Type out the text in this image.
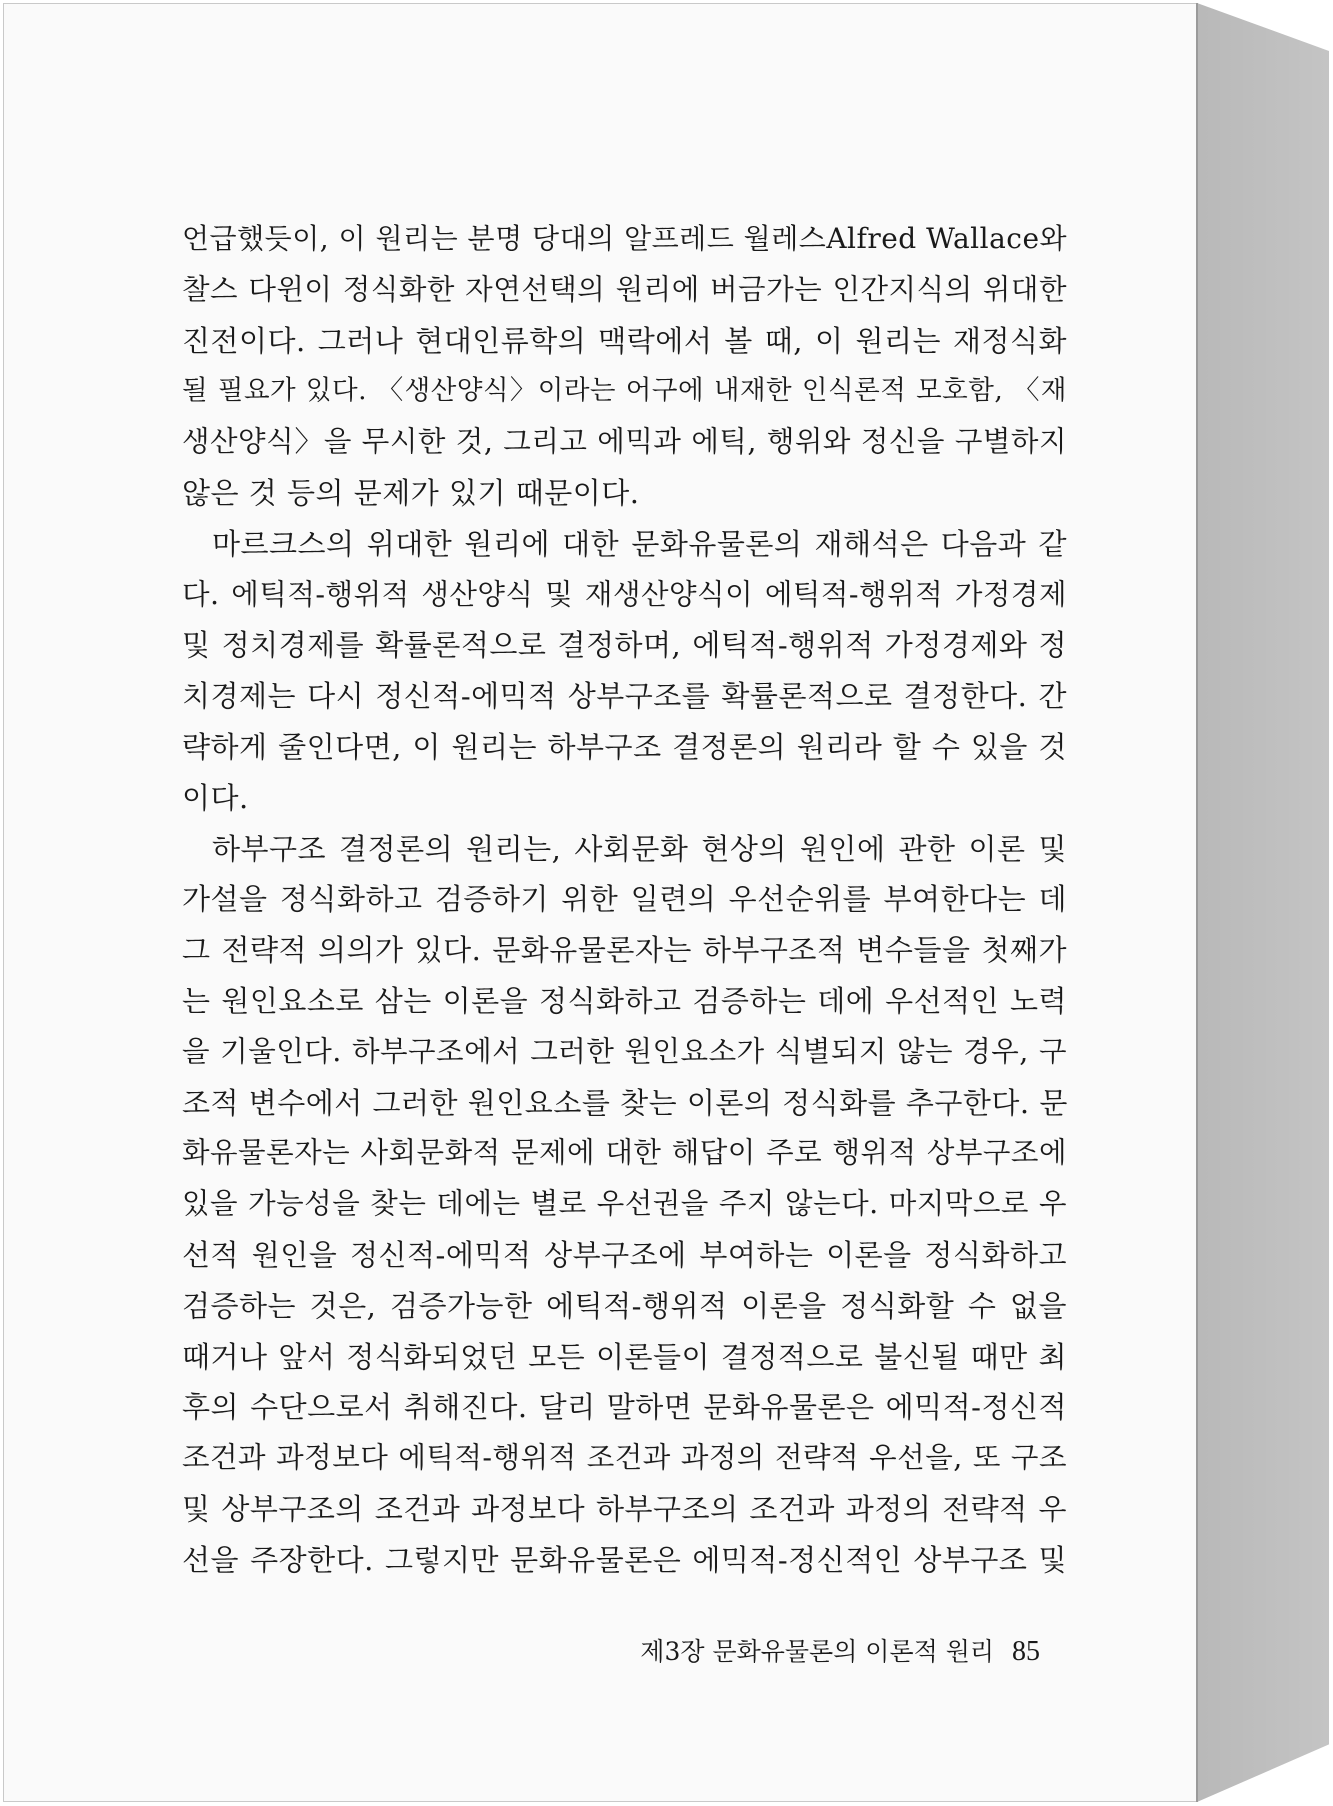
언급했듯이, 이 원리는 분명 당대의 알프레드 월레스Alfred Wallace와
찰스 다윈이 정식화한 자연선택의 원리에 버금가는 인간지식의 위대한
진전이다. 그러나 현대인류학의 맥락에서 볼 때, 이 원리는 재정식화
될 필요가 있다. 〈생산양식〉이라는 어구에 내재한 인식론적 모호함, 〈재
생산양식〉을 무시한 것, 그리고 에믹과 에틱, 행위와 정신을 구별하지
않은 것 등의 문제가 있기 때문이다.
마르크스의 위대한 원리에 대한 문화유물론의 재해석은 다음과 같
다. 에틱적-행위적 생산양식 및 재생산양식이 에틱적-행위적 가정경제
및 정치경제를 확률론적으로 결정하며, 에틱적-행위적 가정경제와 정
치경제는 다시 정신적-에믹적 상부구조를 확률론적으로 결정한다. 간
략하게 줄인다면, 이 원리는 하부구조 결정론의 원리라 할 수 있을 것
이다.
하부구조 결정론의 원리는, 사회문화 현상의 원인에 관한 이론 및
가설을 정식화하고 검증하기 위한 일련의 우선순위를 부여한다는 데
그 전략적 의의가 있다. 문화유물론자는 하부구조적 변수들을 첫째가
는 원인요소로 삼는 이론을 정식화하고 검증하는 데에 우선적인 노력
을 기울인다. 하부구조에서 그러한 원인요소가 식별되지 않는 경우, 구
조적 변수에서 그러한 원인요소를 찾는 이론의 정식화를 추구한다. 문
화유물론자는 사회문화적 문제에 대한 해답이 주로 행위적 상부구조에
있을 가능성을 찾는 데에는 별로 우선권을 주지 않는다. 마지막으로 우
선적 원인을 정신적-에믹적 상부구조에 부여하는 이론을 정식화하고
검증하는 것은, 검증가능한 에틱적-행위적 이론을 정식화할 수 없을
때거나 앞서 정식화되었던 모든 이론들이 결정적으로 불신될 때만 최
후의 수단으로서 취해진다. 달리 말하면 문화유물론은 에믹적-정신적
조건과 과정보다 에틱적-행위적 조건과 과정의 전략적 우선을, 또 구조
및 상부구조의 조건과 과정보다 하부구조의 조건과 과정의 전략적 우
선을 주장한다. 그렇지만 문화유물론은 에믹적-정신적인 상부구조 및
제3장 문화유물론의 이론적 원리 85
